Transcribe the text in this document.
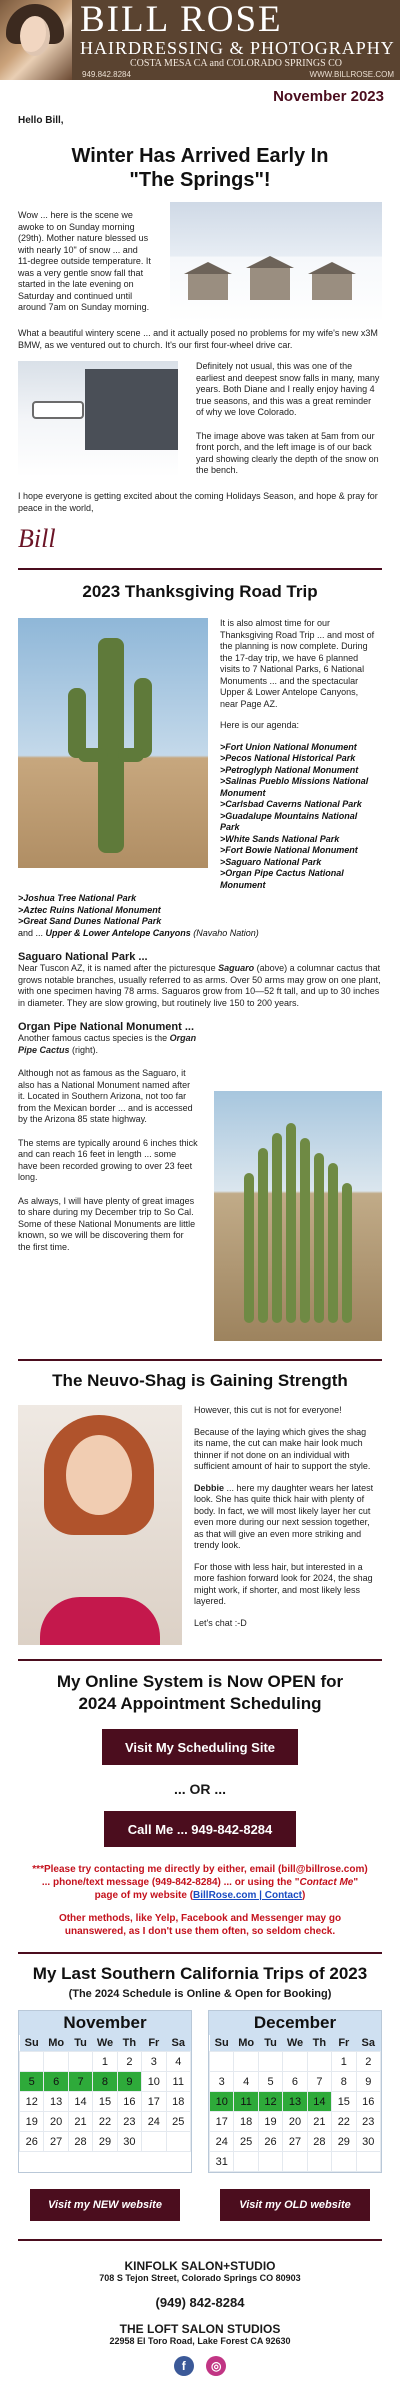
BILL ROSE
HAIRDRESSING & PHOTOGRAPHY
COSTA MESA CA and COLORADO SPRINGS CO
949.842.8284	WWW.BILLROSE.COM
November 2023
Hello Bill,
Winter Has Arrived Early In
"The Springs"!

Wow ... here is the scene we awoke to on Sunday morning (29th). Mother nature blessed us with nearly 10" of snow ... and 11-degree outside temperature. It was a very gentle snow fall that started in the late evening on Saturday and continued until around 7am on Sunday morning.

What a beautiful wintery scene ... and it actually posed no problems for my wife's new x3M BMW, as we ventured out to church. It's our first four-wheel drive car.

Definitely not usual, this was one of the earliest and deepest snow falls in many, many years. Both Diane and I really enjoy having 4 true seasons, and this was a great reminder of why we love Colorado.

The image above was taken at 5am from our front porch, and the left image is of our back yard showing clearly the depth of the snow on the bench.

I hope everyone is getting excited about the coming Holidays Season, and hope & pray for peace in the world,

Bill
2023 Thanksgiving Road Trip

It is also almost time for our Thanksgiving Road Trip ... and most of the planning is now complete. During the 17-day trip, we have 6 planned visits to 7 National Parks, 6 National Monuments ... and the spectacular Upper & Lower Antelope Canyons, near Page AZ.

Here is our agenda:

>Fort Union National Monument
>Pecos National Historical Park
>Petroglyph National Monument
>Salinas Pueblo Missions National Monument
>Carlsbad Caverns National Park
>Guadalupe Mountains National Park
>White Sands National Park
>Fort Bowie National Monument
>Saguaro National Park
>Organ Pipe Cactus National Monument
>Joshua Tree National Park
>Aztec Ruins National Monument
>Great Sand Dunes National Park
and ... Upper & Lower Antelope Canyons (Navaho Nation)
Saguaro National Park ...

Near Tuscon AZ, it is named after the picturesque Saguaro (above) a columnar cactus that grows notable branches, usually referred to as arms. Over 50 arms may grow on one plant, with one specimen having 78 arms. Saguaros grow from 10—52 ft tall, and up to 30 inches in diameter. They are slow growing, but routinely live 150 to 200 years.

Organ Pipe National Monument ...

Another famous cactus species is the Organ Pipe Cactus (right).

Although not as famous as the Saguaro, it also has a National Monument named after it. Located in Southern Arizona, not too far from the Mexican border ... and is accessed by the Arizona 85 state highway.

The stems are typically around 6 inches thick and can reach 16 feet in length ... some have been recorded growing to over 23 feet long.

As always, I will have plenty of great images to share during my December trip to So Cal. Some of these National Monuments are little known, so we will be discovering them for the first time.

The Neuvo-Shag is Gaining Strength

However, this cut is not for everyone!

Because of the laying which gives the shag its name, the cut can make hair look much thinner if not done on an individual with sufficient amount of hair to support the style.

Debbie ... here my daughter wears her latest look. She has quite thick hair with plenty of body. In fact, we will most likely layer her cut even more during our next session together, as that will give an even more striking and trendy look.

For those with less hair, but interested in a more fashion forward look for 2024, the shag might work, if shorter, and most likely less layered.

Let's chat :-D

My Online System is Now OPEN for
2024 Appointment Scheduling
Visit My Scheduling Site
... OR ...
Call Me ... 949-842-8284

***Please try contacting me directly by either, email (bill@billrose.com) ... phone/text message (949-842-8284) ... or using the "Contact Me" page of my website (BillRose.com | Contact)

Other methods, like Yelp, Facebook and Messenger may go unanswered, as I don't use them often, so seldom check.

My Last Southern California Trips of 2023
(The 2024 Schedule is Online & Open for Booking)
November
Su	Mo	Tu	We	Th	Fr	Sa
			1	2	3	4
5	6	7	8	9	10	11
12	13	14	15	16	17	18
19	20	21	22	23	24	25
26	27	28	29	30		
December
Su	Mo	Tu	We	Th	Fr	Sa
					1	2
3	4	5	6	7	8	9
10	11	12	13	14	15	16
17	18	19	20	21	22	23
24	25	26	27	28	29	30
31						
Visit my NEW website	Visit my OLD website
KINFOLK SALON+STUDIO
708 S Tejon Street, Colorado Springs CO 80903
(949) 842-8284
THE LOFT SALON STUDIOS
22958 El Toro Road, Lake Forest CA 92630
f ◎
